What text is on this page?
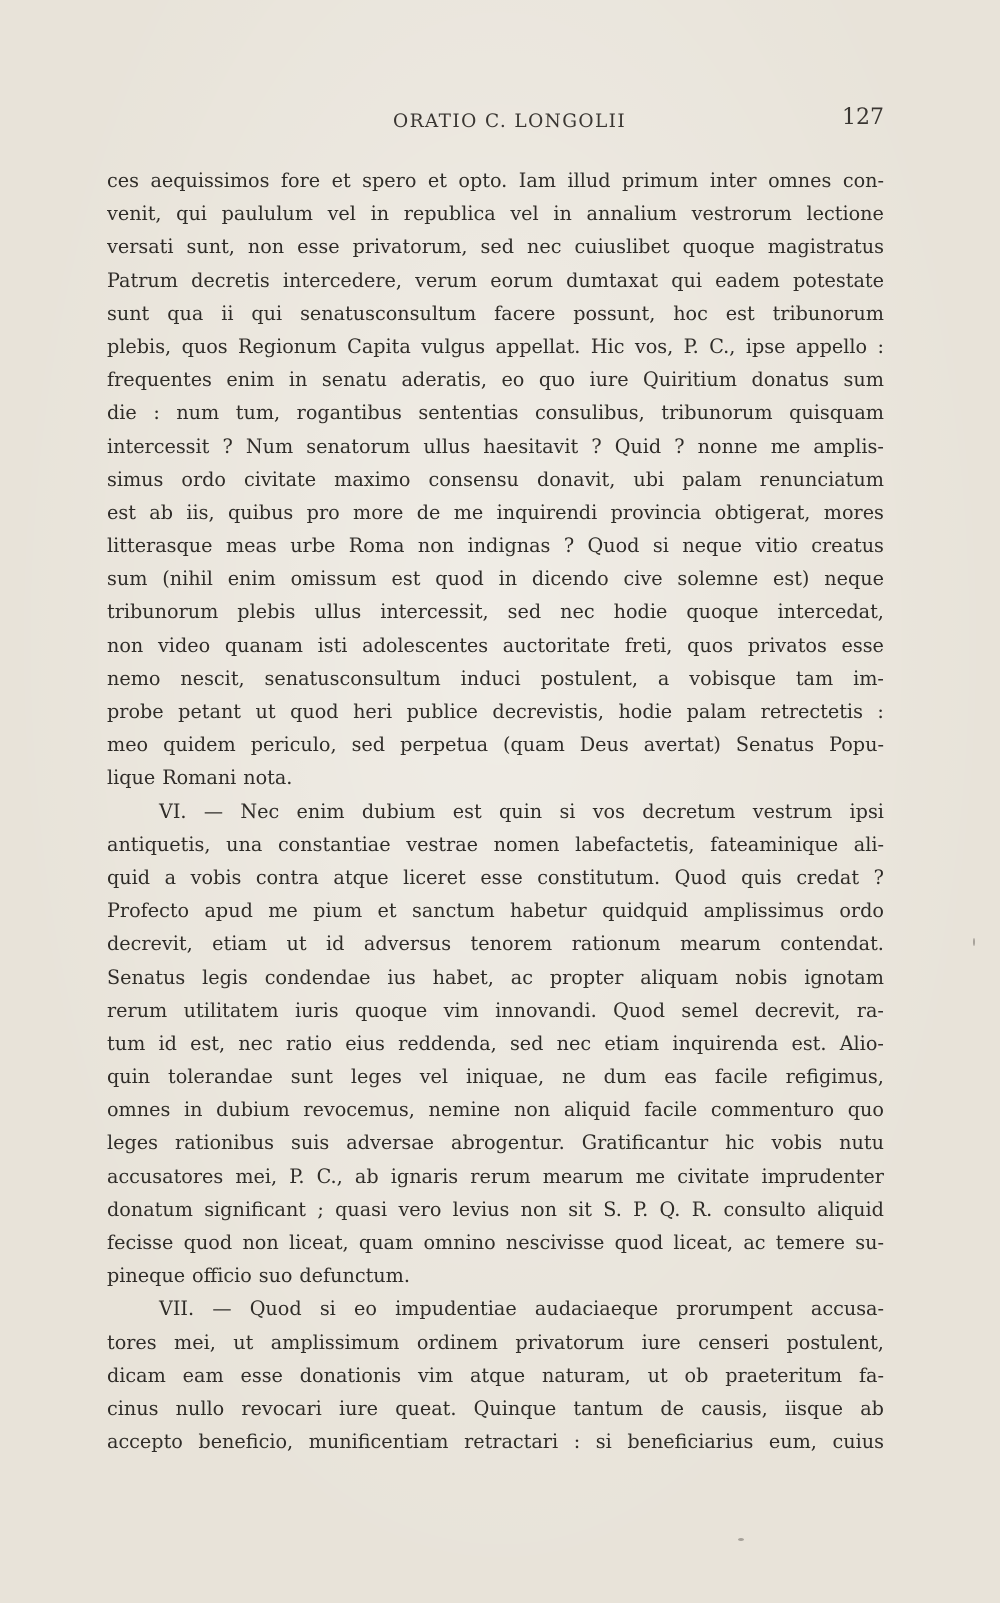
ORATIO C. LONGOLII	127
ces aequissimos fore et spero et opto. Iam illud primum inter omnes con-
venit, qui paululum vel in republica vel in annalium vestrorum lectione
versati sunt, non esse privatorum, sed nec cuiuslibet quoque magistratus
Patrum decretis intercedere, verum eorum dumtaxat qui eadem potestate
sunt qua ii qui senatusconsultum facere possunt, hoc est tribunorum
plebis, quos Regionum Capita vulgus appellat. Hic vos, P. C., ipse appello :
frequentes enim in senatu aderatis, eo quo iure Quiritium donatus sum
die : num tum, rogantibus sententias consulibus, tribunorum quisquam
intercessit ? Num senatorum ullus haesitavit ? Quid ? nonne me amplis-
simus ordo civitate maximo consensu donavit, ubi palam renunciatum
est ab iis, quibus pro more de me inquirendi provincia obtigerat, mores
litterasque meas urbe Roma non indignas ? Quod si neque vitio creatus
sum (nihil enim omissum est quod in dicendo cive solemne est) neque
tribunorum plebis ullus intercessit, sed nec hodie quoque intercedat,
non video quanam isti adolescentes auctoritate freti, quos privatos esse
nemo nescit, senatusconsultum induci postulent, a vobisque tam im-
probe petant ut quod heri publice decrevistis, hodie palam retrectetis :
meo quidem periculo, sed perpetua (quam Deus avertat) Senatus Popu-
lique Romani nota.
VI. — Nec enim dubium est quin si vos decretum vestrum ipsi
antiquetis, una constantiae vestrae nomen labefactetis, fateaminique ali-
quid a vobis contra atque liceret esse constitutum. Quod quis credat ?
Profecto apud me pium et sanctum habetur quidquid amplissimus ordo
decrevit, etiam ut id adversus tenorem rationum mearum contendat.
Senatus legis condendae ius habet, ac propter aliquam nobis ignotam
rerum utilitatem iuris quoque vim innovandi. Quod semel decrevit, ra-
tum id est, nec ratio eius reddenda, sed nec etiam inquirenda est. Alio-
quin tolerandae sunt leges vel iniquae, ne dum eas facile refigimus,
omnes in dubium revocemus, nemine non aliquid facile commenturo quo
leges rationibus suis adversae abrogentur. Gratificantur hic vobis nutu
accusatores mei, P. C., ab ignaris rerum mearum me civitate imprudenter
donatum significant ; quasi vero levius non sit S. P. Q. R. consulto aliquid
fecisse quod non liceat, quam omnino nescivisse quod liceat, ac temere su-
pineque officio suo defunctum.
VII. — Quod si eo impudentiae audaciaeque prorumpent accusa-
tores mei, ut amplissimum ordinem privatorum iure censeri postulent,
dicam eam esse donationis vim atque naturam, ut ob praeteritum fa-
cinus nullo revocari iure queat. Quinque tantum de causis, iisque ab
accepto beneficio, munificentiam retractari : si beneficiarius eum, cuius
